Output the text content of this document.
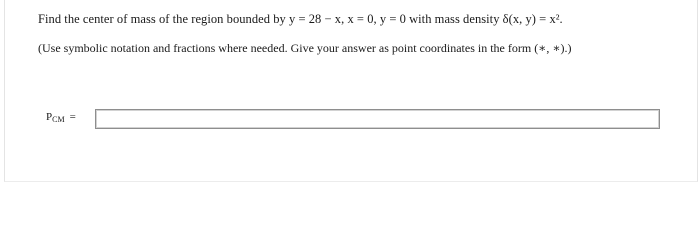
Find the center of mass of the region bounded by y = 28 − x, x = 0, y = 0 with mass density δ(x, y) = x².
(Use symbolic notation and fractions where needed. Give your answer as point coordinates in the form (∗, ∗).)
PCM =
